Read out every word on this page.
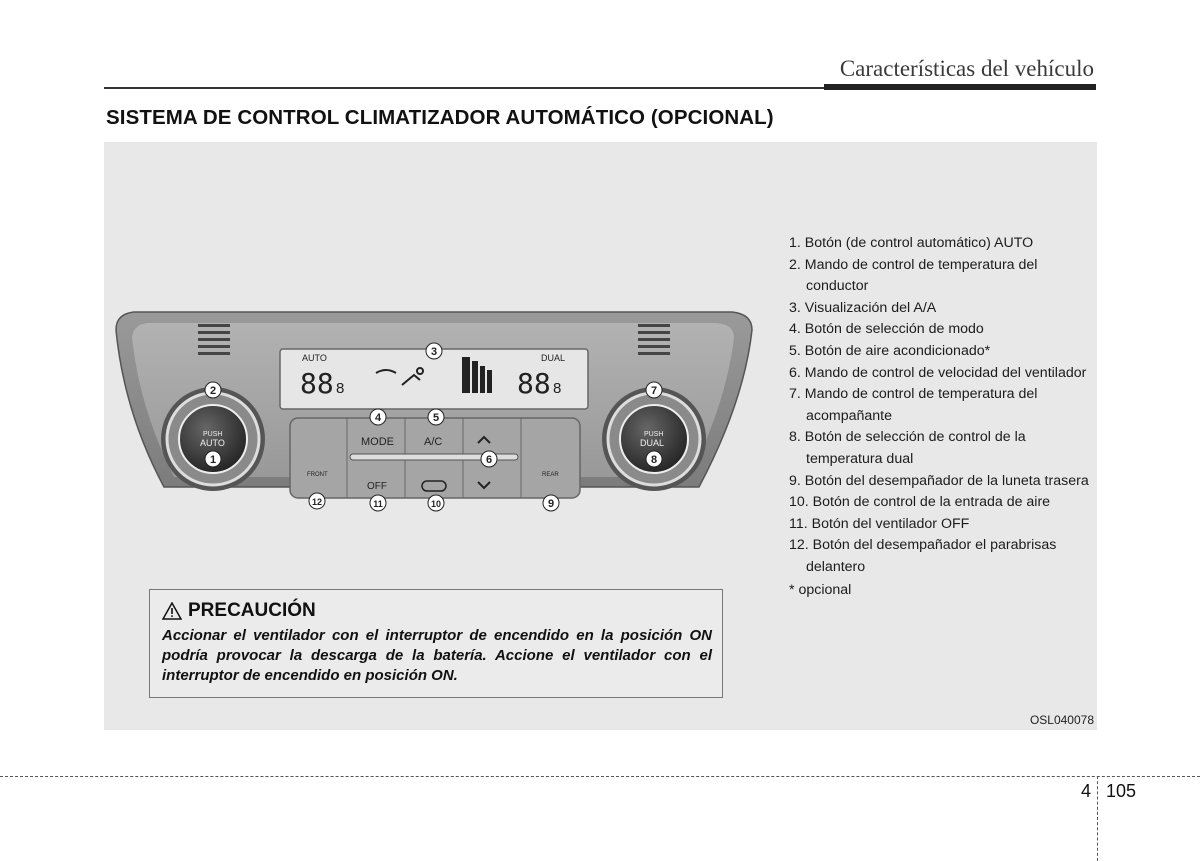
Características del vehículo
SISTEMA DE CONTROL CLIMATIZADOR AUTOMÁTICO (OPCIONAL)
AUTO	DUAL
88 8	88 8
MODE	A/C
OFF
FRONT	REAR
PUSH
AUTO
PUSH
DUAL
1
2
3
4	5
6
7
8
9
10
11
12
1. Botón (de control automático) AUTO
2. Mando de control de temperatura del conductor
3. Visualización del A/A
4. Botón de selección de modo
5. Botón de aire acondicionado*
6. Mando de control de velocidad del ventilador
7. Mando de control de temperatura del acompañante
8. Botón de selección de control de la temperatura dual
9. Botón del desempañador de la luneta trasera
10. Botón de control de la entrada de aire
11. Botón del ventilador OFF
12. Botón del desempañador el parabrisas delantero
* opcional
PRECAUCIÓN
Accionar el ventilador con el interruptor de encendido en la posición ON podría provocar la descarga de la batería. Accione el ventilador con el interruptor de encendido en posición ON.
OSL040078
4 105
